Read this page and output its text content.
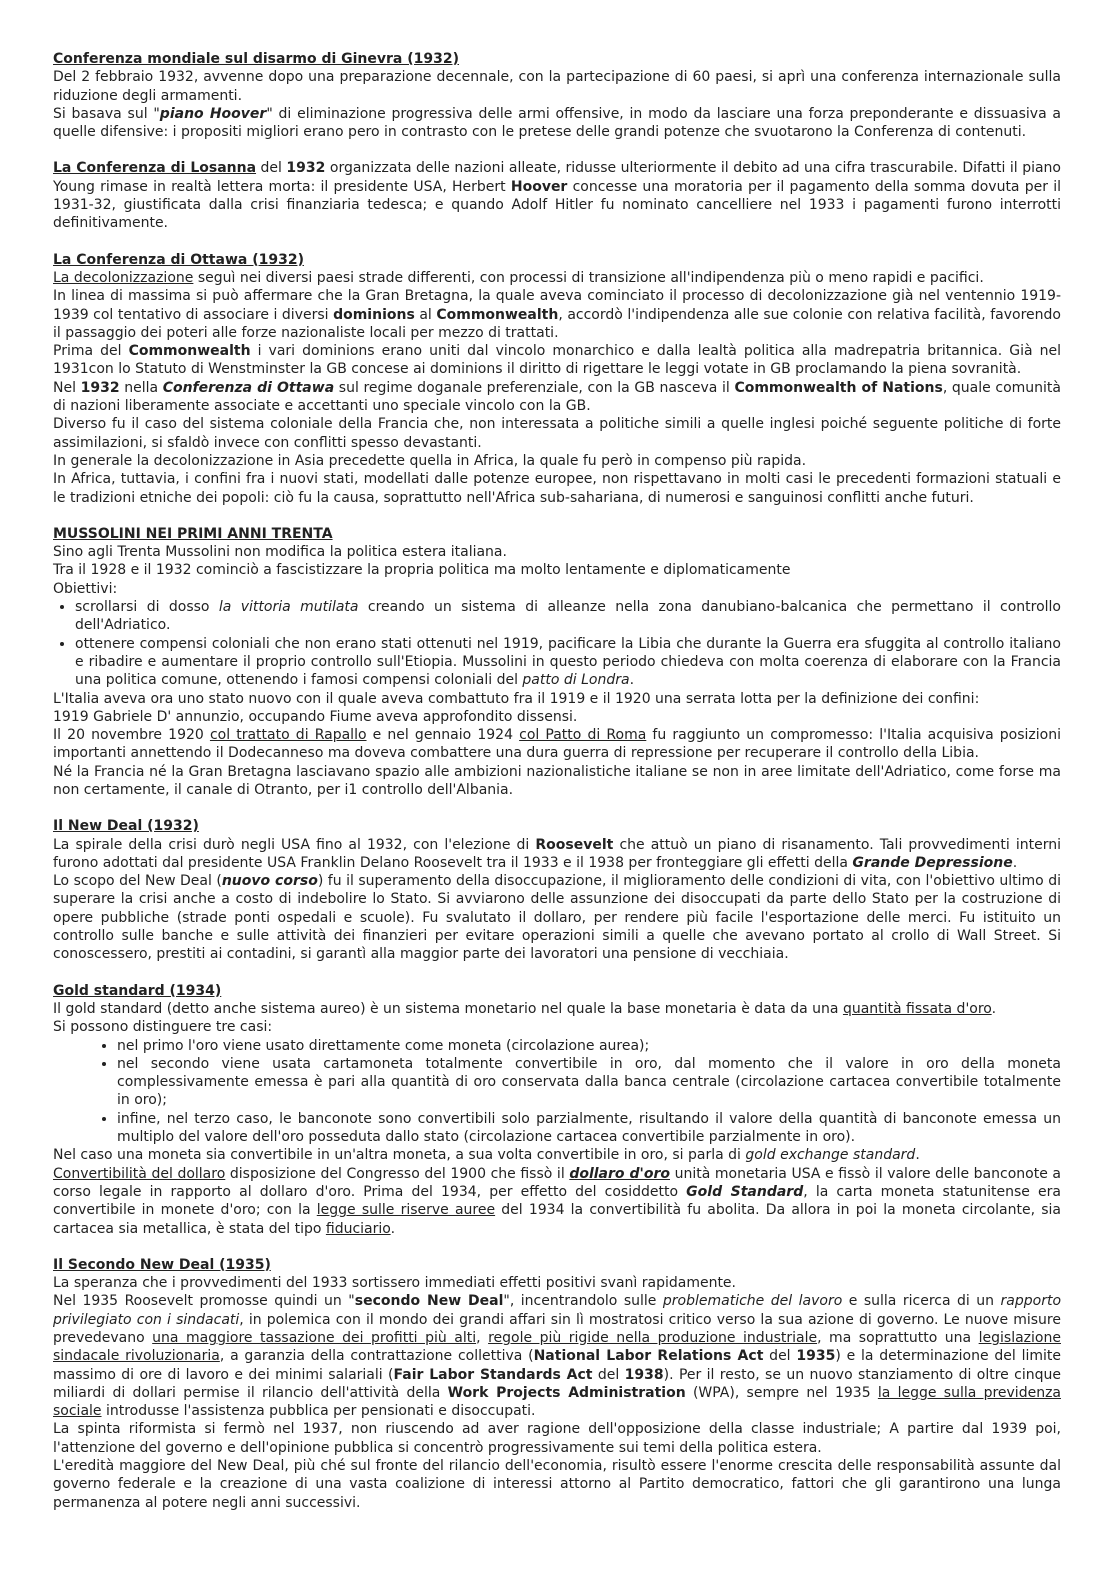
Conferenza mondiale sul disarmo di Ginevra (1932)

Del 2 febbraio 1932, avvenne dopo una preparazione decennale, con la partecipazione di 60 paesi, si aprì una conferenza internazionale sulla riduzione degli armamenti.

Si basava sul "piano Hoover" di eliminazione progressiva delle armi offensive, in modo da lasciare una forza preponderante e dissuasiva a quelle difensive: i propositi migliori erano pero in contrasto con le pretese delle grandi potenze che svuotarono la Conferenza di contenuti.

La Conferenza di Losanna del 1932 organizzata delle nazioni alleate, ridusse ulteriormente il debito ad una cifra trascurabile. Difatti il piano Young rimase in realtà lettera morta: il presidente USA, Herbert Hoover concesse una moratoria per il pagamento della somma dovuta per il 1931-32, giustificata dalla crisi finanziaria tedesca; e quando Adolf Hitler fu nominato cancelliere nel 1933 i pagamenti furono interrotti definitivamente.

La Conferenza di Ottawa (1932)

La decolonizzazione seguì nei diversi paesi strade differenti, con processi di transizione all'indipendenza più o meno rapidi e pacifici.

In linea di massima si può affermare che la Gran Bretagna, la quale aveva cominciato il processo di decolonizzazione già nel ventennio 1919-1939 col tentativo di associare i diversi dominions al Commonwealth, accordò l'indipendenza alle sue colonie con relativa facilità, favorendo il passaggio dei poteri alle forze nazionaliste locali per mezzo di trattati.

Prima del Commonwealth i vari dominions erano uniti dal vincolo monarchico e dalla lealtà politica alla madrepatria britannica. Già nel 1931con lo Statuto di Wenstminster la GB concese ai dominions il diritto di rigettare le leggi votate in GB proclamando la piena sovranità.

Nel 1932 nella Conferenza di Ottawa sul regime doganale preferenziale, con la GB nasceva il Commonwealth of Nations, quale comunità di nazioni liberamente associate e accettanti uno speciale vincolo con la GB.

Diverso fu il caso del sistema coloniale della Francia che, non interessata a politiche simili a quelle inglesi poiché seguente politiche di forte assimilazioni, si sfaldò invece con conflitti spesso devastanti.

In generale la decolonizzazione in Asia precedette quella in Africa, la quale fu però in compenso più rapida.

In Africa, tuttavia, i confini fra i nuovi stati, modellati dalle potenze europee, non rispettavano in molti casi le precedenti formazioni statuali e le tradizioni etniche dei popoli: ciò fu la causa, soprattutto nell'Africa sub-sahariana, di numerosi e sanguinosi conflitti anche futuri.

MUSSOLINI NEI PRIMI ANNI TRENTA

Sino agli Trenta Mussolini non modifica la politica estera italiana.

Tra il 1928 e il 1932 cominciò a fascistizzare la propria politica ma molto lentamente e diplomaticamente

Obiettivi:

• scrollarsi di dosso la vittoria mutilata creando un sistema di alleanze nella zona danubiano-balcanica che permettano il controllo dell'Adriatico.
• ottenere compensi coloniali che non erano stati ottenuti nel 1919, pacificare la Libia che durante la Guerra era sfuggita al controllo italiano e ribadire e aumentare il proprio controllo sull'Etiopia. Mussolini in questo periodo chiedeva con molta coerenza di elaborare con la Francia una politica comune, ottenendo i famosi compensi coloniali del patto di Londra.

L'Italia aveva ora uno stato nuovo con il quale aveva combattuto fra il 1919 e il 1920 una serrata lotta per la definizione dei confini:

1919 Gabriele D' annunzio, occupando Fiume aveva approfondito dissensi.

Il 20 novembre 1920 col trattato di Rapallo e nel gennaio 1924 col Patto di Roma fu raggiunto un compromesso: l'Italia acquisiva posizioni importanti annettendo il Dodecanneso ma doveva combattere una dura guerra di repressione per recuperare il controllo della Libia.

Né la Francia né la Gran Bretagna lasciavano spazio alle ambizioni nazionalistiche italiane se non in aree limitate dell'Adriatico, come forse ma non certamente, il canale di Otranto, per i1 controllo dell'Albania.

Il New Deal (1932)

La spirale della crisi durò negli USA fino al 1932, con l'elezione di Roosevelt che attuò un piano di risanamento. Tali provvedimenti interni furono adottati dal presidente USA Franklin Delano Roosevelt tra il 1933 e il 1938 per fronteggiare gli effetti della Grande Depressione.

Lo scopo del New Deal (nuovo corso) fu il superamento della disoccupazione, il miglioramento delle condizioni di vita, con l'obiettivo ultimo di superare la crisi anche a costo di indebolire lo Stato. Si avviarono delle assunzione dei disoccupati da parte dello Stato per la costruzione di opere pubbliche (strade ponti ospedali e scuole). Fu svalutato il dollaro, per rendere più facile l'esportazione delle merci. Fu istituito un controllo sulle banche e sulle attività dei finanzieri per evitare operazioni simili a quelle che avevano portato al crollo di Wall Street. Si conoscessero, prestiti ai contadini, si garantì alla maggior parte dei lavoratori una pensione di vecchiaia.

Gold standard (1934)

Il gold standard (detto anche sistema aureo) è un sistema monetario nel quale la base monetaria è data da una quantità fissata d'oro.

Si possono distinguere tre casi:

• nel primo l'oro viene usato direttamente come moneta (circolazione aurea);
• nel secondo viene usata cartamoneta totalmente convertibile in oro, dal momento che il valore in oro della moneta complessivamente emessa è pari alla quantità di oro conservata dalla banca centrale (circolazione cartacea convertibile totalmente in oro);
• infine, nel terzo caso, le banconote sono convertibili solo parzialmente, risultando il valore della quantità di banconote emessa un multiplo del valore dell'oro posseduta dallo stato (circolazione cartacea convertibile parzialmente in oro).

Nel caso una moneta sia convertibile in un'altra moneta, a sua volta convertibile in oro, si parla di gold exchange standard.

Convertibilità del dollaro disposizione del Congresso del 1900 che fissò il dollaro d'oro unità monetaria USA e fissò il valore delle banconote a corso legale in rapporto al dollaro d'oro. Prima del 1934, per effetto del cosiddetto Gold Standard, la carta moneta statunitense era convertibile in monete d'oro; con la legge sulle riserve auree del 1934 la convertibilità fu abolita. Da allora in poi la moneta circolante, sia cartacea sia metallica, è stata del tipo fiduciario.

Il Secondo New Deal (1935)

La speranza che i provvedimenti del 1933 sortissero immediati effetti positivi svanì rapidamente.

Nel 1935 Roosevelt promosse quindi un "secondo New Deal", incentrandolo sulle problematiche del lavoro e sulla ricerca di un rapporto privilegiato con i sindacati, in polemica con il mondo dei grandi affari sin lì mostratosi critico verso la sua azione di governo. Le nuove misure prevedevano una maggiore tassazione dei profitti più alti, regole più rigide nella produzione industriale, ma soprattutto una legislazione sindacale rivoluzionaria, a garanzia della contrattazione collettiva (National Labor Relations Act del 1935) e la determinazione del limite massimo di ore di lavoro e dei minimi salariali (Fair Labor Standards Act del 1938). Per il resto, se un nuovo stanziamento di oltre cinque miliardi di dollari permise il rilancio dell'attività della Work Projects Administration (WPA), sempre nel 1935 la legge sulla previdenza sociale introdusse l'assistenza pubblica per pensionati e disoccupati.

La spinta riformista si fermò nel 1937, non riuscendo ad aver ragione dell'opposizione della classe industriale; A partire dal 1939 poi, l'attenzione del governo e dell'opinione pubblica si concentrò progressivamente sui temi della politica estera.

L'eredità maggiore del New Deal, più ché sul fronte del rilancio dell'economia, risultò essere l'enorme crescita delle responsabilità assunte dal governo federale e la creazione di una vasta coalizione di interessi attorno al Partito democratico, fattori che gli garantirono una lunga permanenza al potere negli anni successivi.
